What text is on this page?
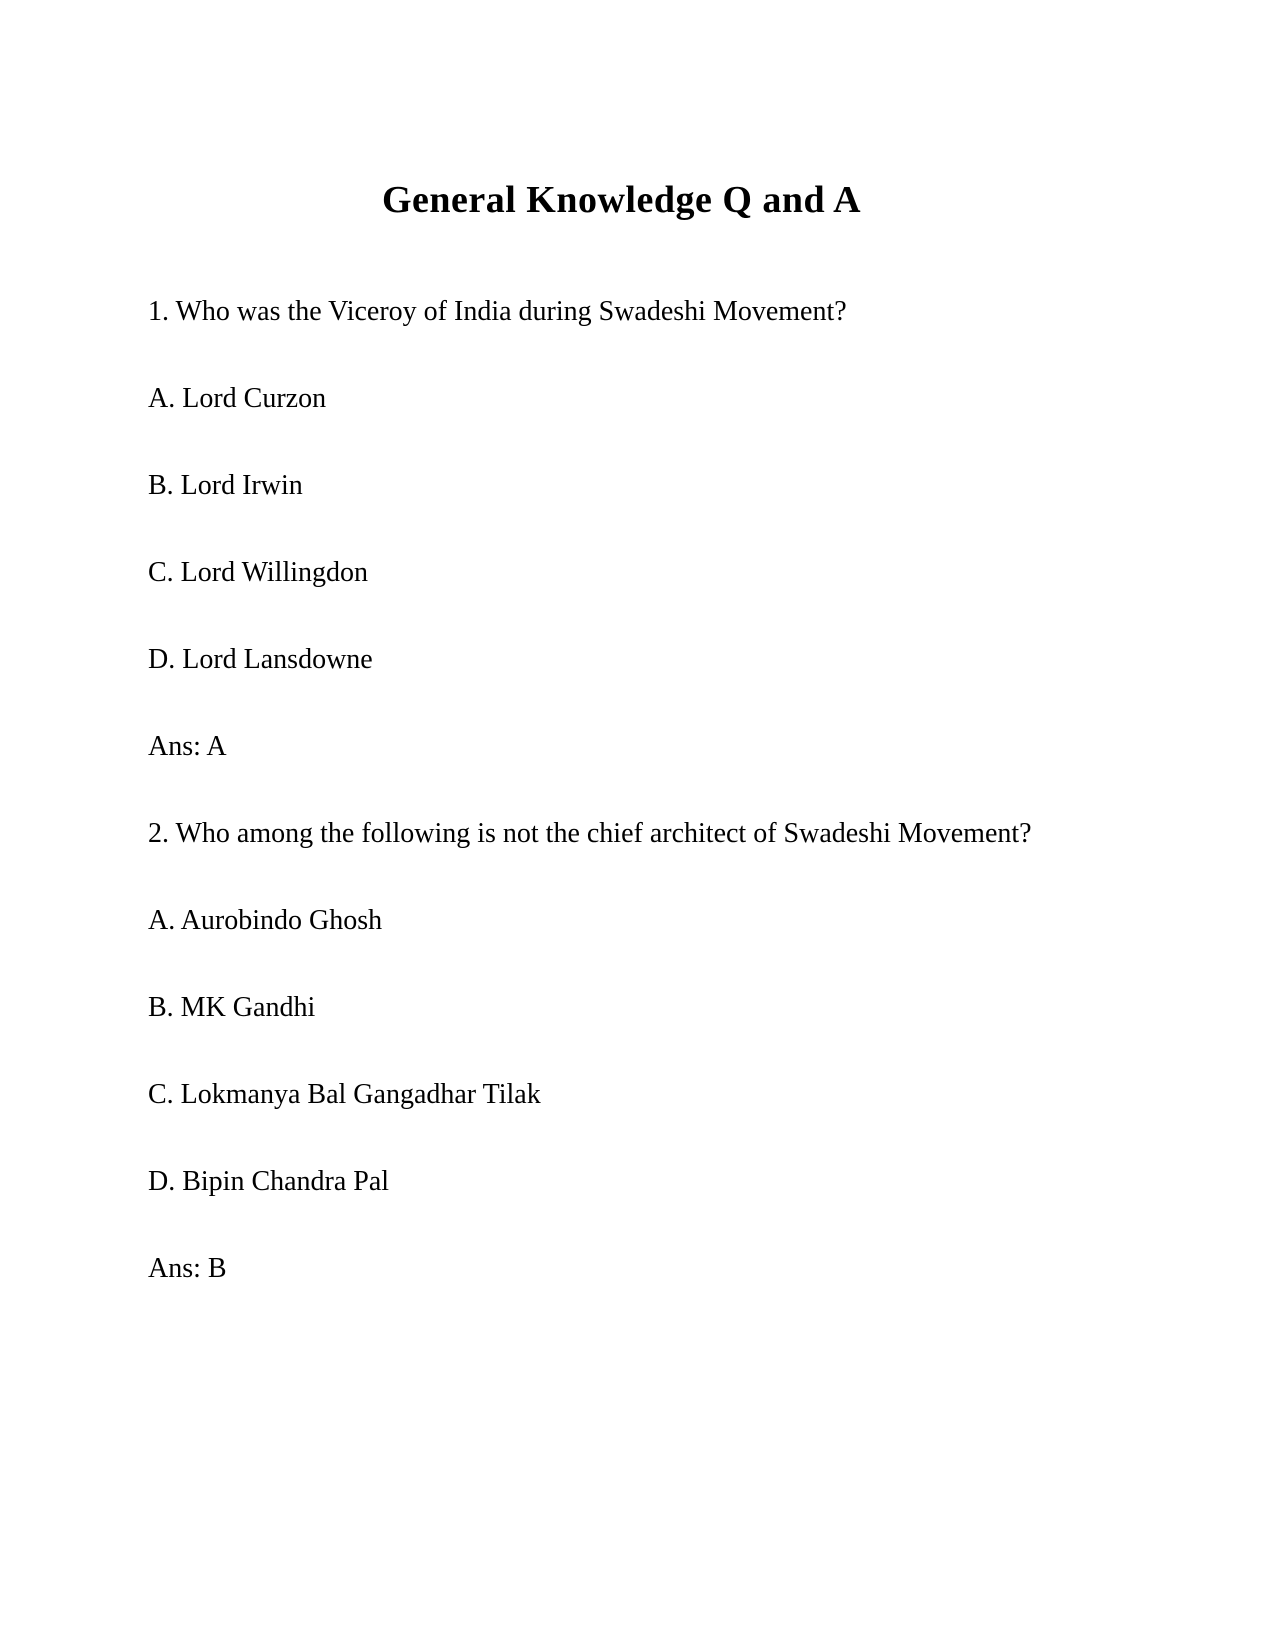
General Knowledge Q and A

1. Who was the Viceroy of India during Swadeshi Movement?

A. Lord Curzon

B. Lord Irwin

C. Lord Willingdon

D. Lord Lansdowne

Ans: A

2. Who among the following is not the chief architect of Swadeshi Movement?

A. Aurobindo Ghosh

B. MK Gandhi

C. Lokmanya Bal Gangadhar Tilak

D. Bipin Chandra Pal

Ans: B
